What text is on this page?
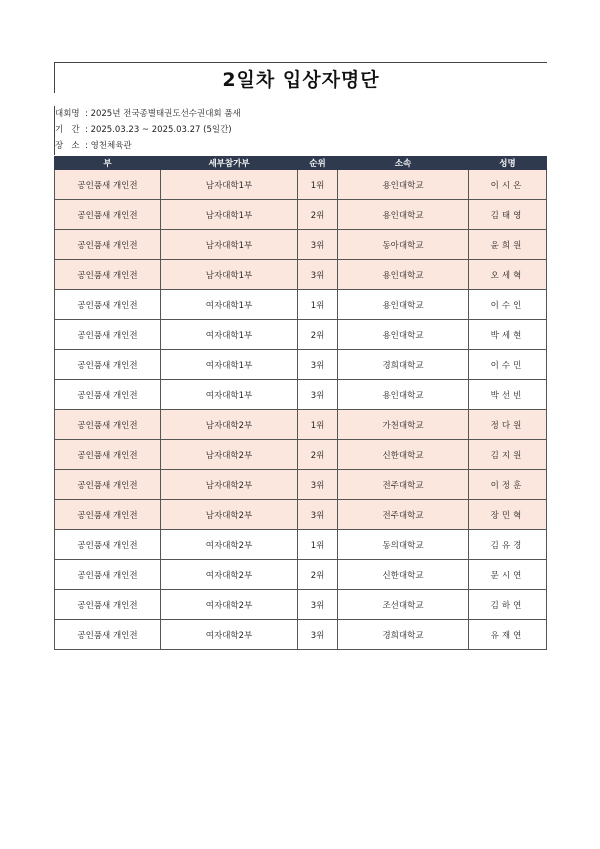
2일차 입상자명단
대회명 : 2025년 전국종별태권도선수권대회 품새
기   간 : 2025.03.23 ~ 2025.03.27 (5일간)
장   소 : 영천체육관
부	세부참가부	순위	소속	성명
공인품새 개인전	남자대학1부	1위	용인대학교	이시온
공인품새 개인전	남자대학1부	2위	용인대학교	김태영
공인품새 개인전	남자대학1부	3위	동아대학교	윤희원
공인품새 개인전	남자대학1부	3위	용인대학교	오세혁
공인품새 개인전	여자대학1부	1위	용인대학교	이수인
공인품새 개인전	여자대학1부	2위	용인대학교	박세현
공인품새 개인전	여자대학1부	3위	경희대학교	이수민
공인품새 개인전	여자대학1부	3위	용인대학교	박선빈
공인품새 개인전	남자대학2부	1위	가천대학교	정다원
공인품새 개인전	남자대학2부	2위	신한대학교	김지원
공인품새 개인전	남자대학2부	3위	전주대학교	이정훈
공인품새 개인전	남자대학2부	3위	전주대학교	장민혁
공인품새 개인전	여자대학2부	1위	동의대학교	김유경
공인품새 개인전	여자대학2부	2위	신한대학교	문시연
공인품새 개인전	여자대학2부	3위	조선대학교	김하연
공인품새 개인전	여자대학2부	3위	경희대학교	유재연
